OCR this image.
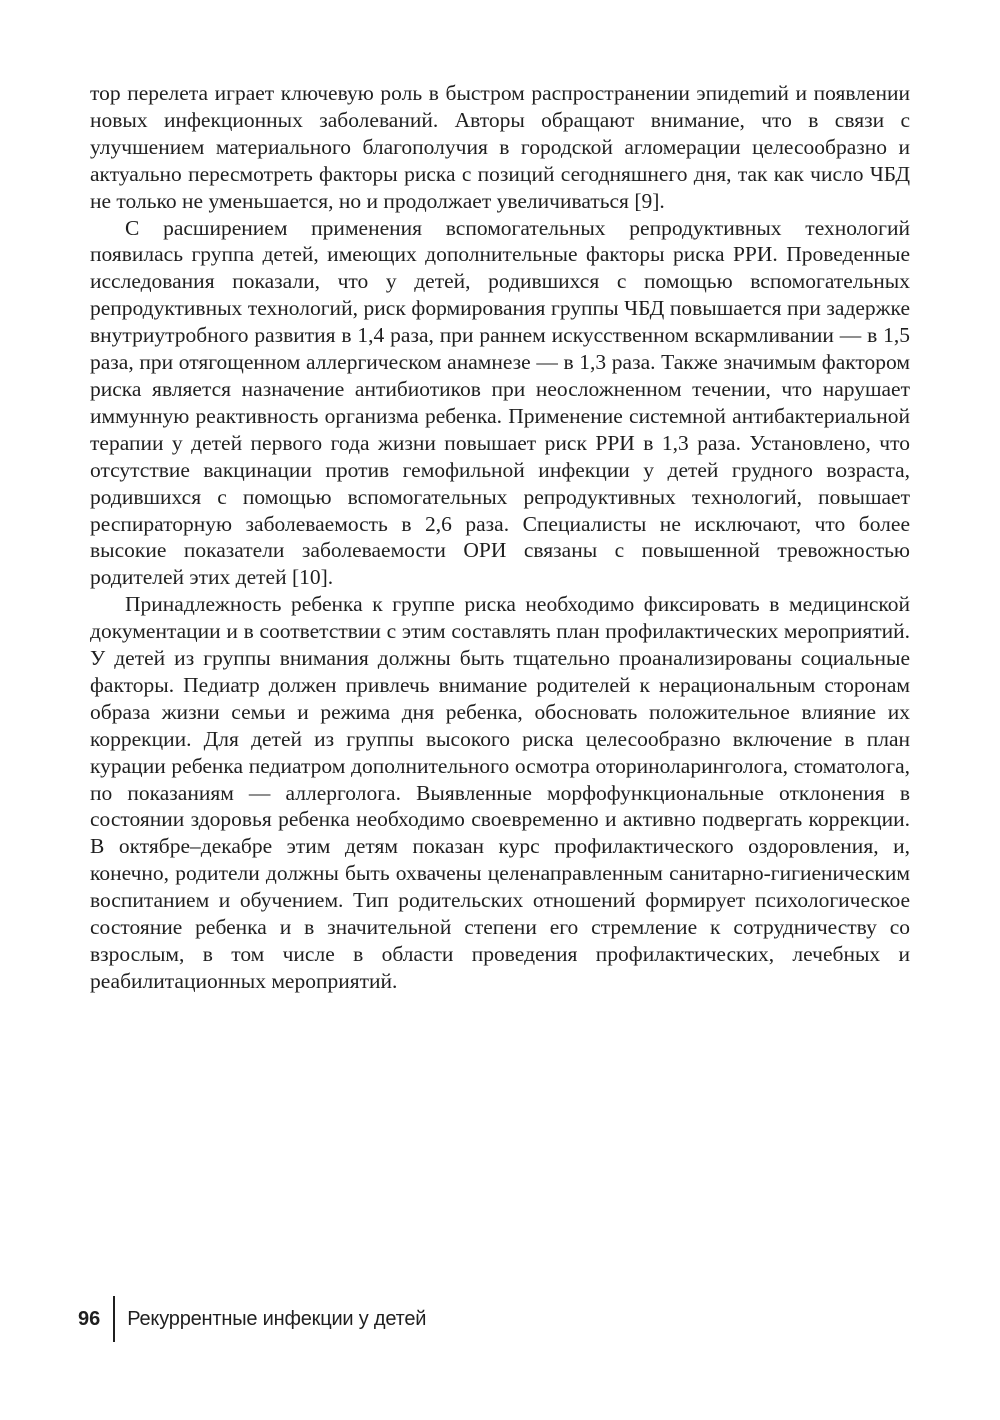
тор перелета играет ключевую роль в быстром распространении эпидеmий и появлении новых инфекционных заболеваний. Авторы обращают внимание, что в связи с улучшением материального благополучия в городской агломерации целесообразно и актуально пересмотреть факторы риска с позиций сегодняшнего дня, так как число ЧБД не только не уменьшается, но и продолжает увеличиваться [9].

С расширением применения вспомогательных репродуктивных технологий появилась группа детей, имеющих дополнительные факторы риска РРИ. Проведенные исследования показали, что у детей, родившихся с помощью вспомогательных репродуктивных технологий, риск формирования группы ЧБД повышается при задержке внутриутробного развития в 1,4 раза, при раннем искусственном вскармливании — в 1,5 раза, при отягощенном аллергическом анамнезе — в 1,3 раза. Также значимым фактором риска является назначение антибиотиков при неосложненном течении, что нарушает иммунную реактивность организма ребенка. Применение системной антибактериальной терапии у детей первого года жизни повышает риск РРИ в 1,3 раза. Установлено, что отсутствие вакцинации против гемофильной инфекции у детей грудного возраста, родившихся с помощью вспомогательных репродуктивных технологий, повышает респираторную заболеваемость в 2,6 раза. Специалисты не исключают, что более высокие показатели заболеваемости ОРИ связаны с повышенной тревожностью родителей этих детей [10].

Принадлежность ребенка к группе риска необходимо фиксировать в медицинской документации и в соответствии с этим составлять план профилактических мероприятий. У детей из группы внимания должны быть тщательно проанализированы социальные факторы. Педиатр должен привлечь внимание родителей к нерациональным сторонам образа жизни семьи и режима дня ребенка, обосновать положительное влияние их коррекции. Для детей из группы высокого риска целесообразно включение в план курации ребенка педиатром дополнительного осмотра оториноларинголога, стоматолога, по показаниям — аллерголога. Выявленные морфофункциональные отклонения в состоянии здоровья ребенка необходимо своевременно и активно подвергать коррекции. В октябре–декабре этим детям показан курс профилактического оздоровления, и, конечно, родители должны быть охвачены целенаправленным санитарно-гигиеническим воспитанием и обучением. Тип родительских отношений формирует психологическое состояние ребенка и в значительной степени его стремление к сотрудничеству со взрослым, в том числе в области проведения профилактических, лечебных и реабилитационных мероприятий.

96	Рекуррентные инфекции у детей
